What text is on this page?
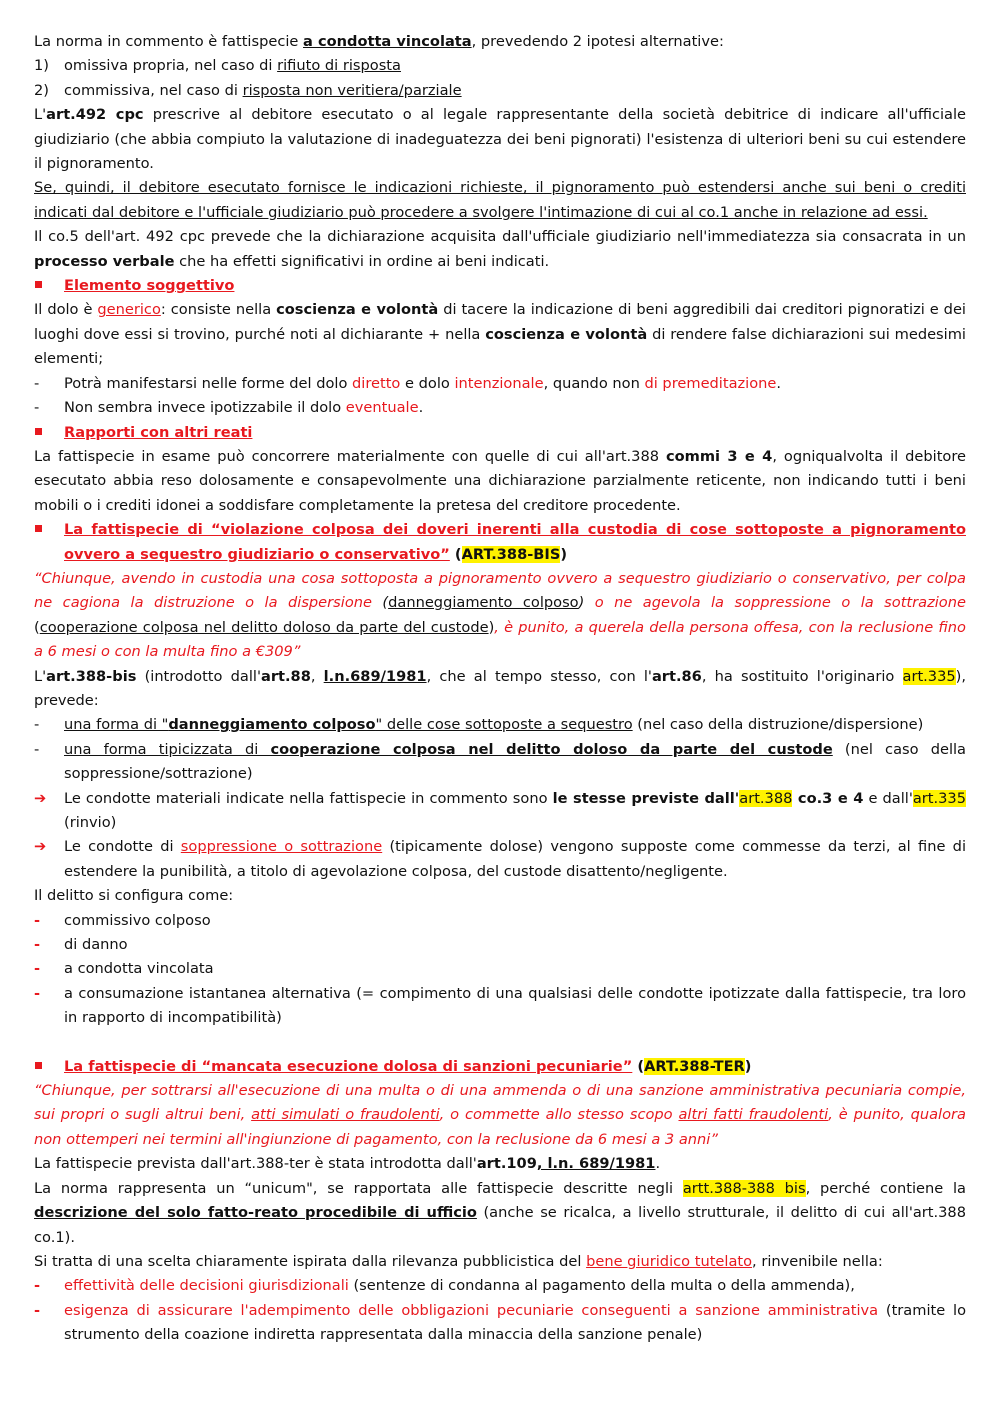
La norma in commento è fattispecie a condotta vincolata, prevedendo 2 ipotesi alternative:

1)	omissiva propria, nel caso di rifiuto di risposta

2)	commissiva, nel caso di risposta non veritiera/parziale

L'art.492 cpc prescrive al debitore esecutato o al legale rappresentante della società debitrice di indicare all'ufficiale giudiziario (che abbia compiuto la valutazione di inadeguatezza dei beni pignorati) l'esistenza di ulteriori beni su cui estendere il pignoramento.

Se, quindi, il debitore esecutato fornisce le indicazioni richieste, il pignoramento può estendersi anche sui beni o crediti indicati dal debitore e l'ufficiale giudiziario può procedere a svolgere l'intimazione di cui al co.1 anche in relazione ad essi.

Il co.5 dell'art. 492 cpc prevede che la dichiarazione acquisita dall'ufficiale giudiziario nell'immediatezza sia consacrata in un processo verbale che ha effetti significativi in ordine ai beni indicati.

Elemento soggettivo

Il dolo è generico: consiste nella coscienza e volontà di tacere la indicazione di beni aggredibili dai creditori pignoratizi e dei luoghi dove essi si trovino, purché noti al dichiarante + nella coscienza e volontà di rendere false dichiarazioni sui medesimi elementi;

-	Potrà manifestarsi nelle forme del dolo diretto e dolo intenzionale, quando non di premeditazione.

-	Non sembra invece ipotizzabile il dolo eventuale.

Rapporti con altri reati

La fattispecie in esame può concorrere materialmente con quelle di cui all'art.388 commi 3 e 4, ogniqualvolta il debitore esecutato abbia reso dolosamente e consapevolmente una dichiarazione parzialmente reticente, non indicando tutti i beni mobili o i crediti idonei a soddisfare completamente la pretesa del creditore procedente.

La fattispecie di “violazione colposa dei doveri inerenti alla custodia di cose sottoposte a pignoramento ovvero a sequestro giudiziario o conservativo” (ART.388-BIS)

“Chiunque, avendo in custodia una cosa sottoposta a pignoramento ovvero a sequestro giudiziario o conservativo, per colpa ne cagiona la distruzione o la dispersione (danneggiamento colposo) o ne agevola la soppressione o la sottrazione (cooperazione colposa nel delitto doloso da parte del custode), è punito, a querela della persona offesa, con la reclusione fino a 6 mesi o con la multa fino a €309”

L'art.388-bis (introdotto dall'art.88, l.n.689/1981, che al tempo stesso, con l'art.86, ha sostituito l'originario art.335), prevede:

-	una forma di "danneggiamento colposo" delle cose sottoposte a sequestro (nel caso della distruzione/dispersione)

-	una forma tipicizzata di cooperazione colposa nel delitto doloso da parte del custode (nel caso della soppressione/sottrazione)

➔	Le condotte materiali indicate nella fattispecie in commento sono le stesse previste dall'art.388 co.3 e 4 e dall'art.335 (rinvio)

➔	Le condotte di soppressione o sottrazione (tipicamente dolose) vengono supposte come commesse da terzi, al fine di estendere la punibilità, a titolo di agevolazione colposa, del custode disattento/negligente.

Il delitto si configura come:

-	commissivo colposo

-	di danno

-	a condotta vincolata

-	a consumazione istantanea alternativa (= compimento di una qualsiasi delle condotte ipotizzate dalla fattispecie, tra loro in rapporto di incompatibilità)

La fattispecie di “mancata esecuzione dolosa di sanzioni pecuniarie” (ART.388-TER)

“Chiunque, per sottrarsi all'esecuzione di una multa o di una ammenda o di una sanzione amministrativa pecuniaria compie, sui propri o sugli altrui beni, atti simulati o fraudolenti, o commette allo stesso scopo altri fatti fraudolenti, è punito, qualora non ottemperi nei termini all'ingiunzione di pagamento, con la reclusione da 6 mesi a 3 anni”

La fattispecie prevista dall'art.388-ter è stata introdotta dall'art.109, l.n. 689/1981.

La norma rappresenta un “unicum", se rapportata alle fattispecie descritte negli artt.388-388 bis, perché contiene la descrizione del solo fatto-reato procedibile di ufficio (anche se ricalca, a livello strutturale, il delitto di cui all'art.388 co.1).

Si tratta di una scelta chiaramente ispirata dalla rilevanza pubblicistica del bene giuridico tutelato, rinvenibile nella:

-	effettività delle decisioni giurisdizionali (sentenze di condanna al pagamento della multa o della ammenda),

-	esigenza di assicurare l'adempimento delle obbligazioni pecuniarie conseguenti a sanzione amministrativa (tramite lo strumento della coazione indiretta rappresentata dalla minaccia della sanzione penale)
